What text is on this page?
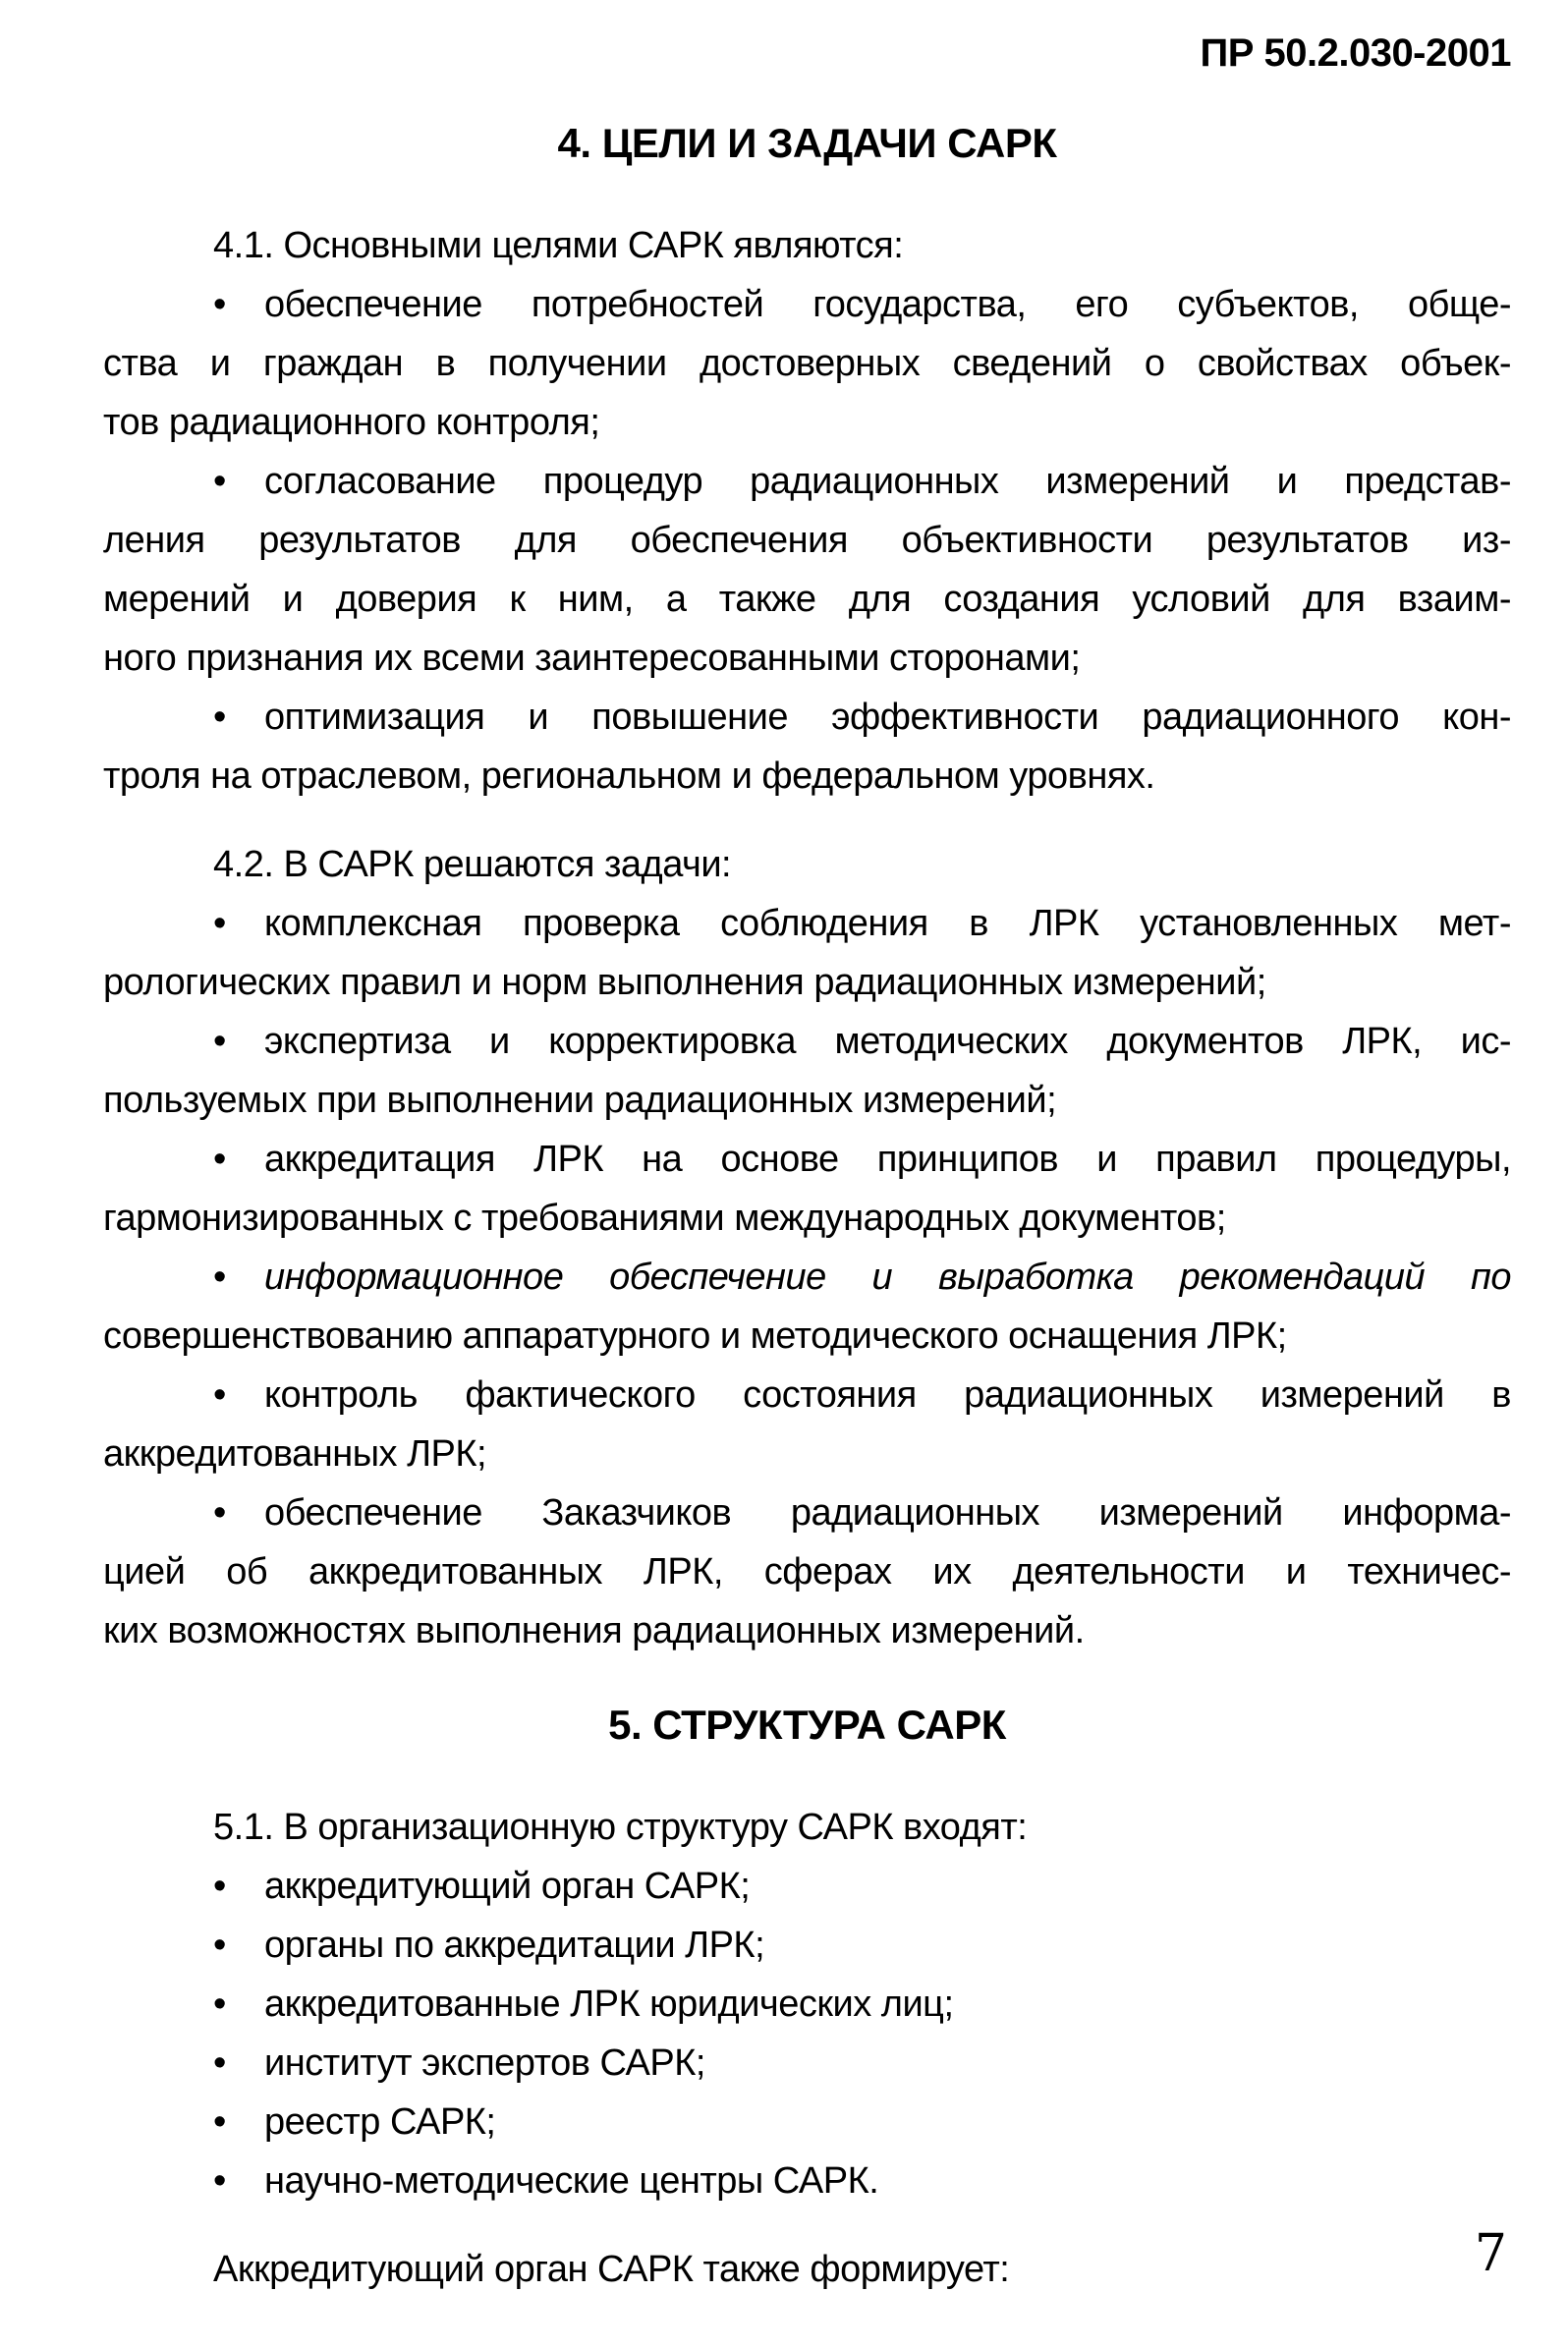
ПР 50.2.030-2001
4. ЦЕЛИ И ЗАДАЧИ САРК
4.1. Основными целями САРК являются:
•	обеспечение потребностей государства, его субъектов, обще-
ства и граждан в получении достоверных сведений о свойствах объек-
тов радиационного контроля;
•	согласование процедур радиационных измерений и представ-
ления результатов для обеспечения объективности результатов из-
мерений и доверия к ним, а также для создания условий для взаим-
ного признания их всеми заинтересованными сторонами;
•	оптимизация и повышение эффективности радиационного кон-
троля на отраслевом, региональном и федеральном уровнях.
4.2. В САРК решаются задачи:
•	комплексная проверка соблюдения в ЛРК установленных мет-
рологических правил и норм выполнения радиационных измерений;
•	экспертиза и корректировка методических документов ЛРК, ис-
пользуемых при выполнении радиационных измерений;
•	аккредитация ЛРК на основе принципов и правил процедуры,
гармонизированных с требованиями международных документов;
•	информационное обеспечение и выработка рекомендаций по
совершенствованию аппаратурного и методического оснащения ЛРК;
•	контроль фактического состояния радиационных измерений в
аккредитованных ЛРК;
•	обеспечение Заказчиков радиационных измерений информа-
цией об аккредитованных ЛРК, сферах их деятельности и техничес-
ких возможностях выполнения радиационных измерений.
5. СТРУКТУРА САРК
5.1. В организационную структуру САРК входят:
•	аккредитующий орган САРК;
•	органы по аккредитации ЛРК;
•	аккредитованные ЛРК юридических лиц;
•	институт экспертов САРК;
•	реестр САРК;
•	научно-методические центры САРК.
Аккредитующий орган САРК также формирует:	7
